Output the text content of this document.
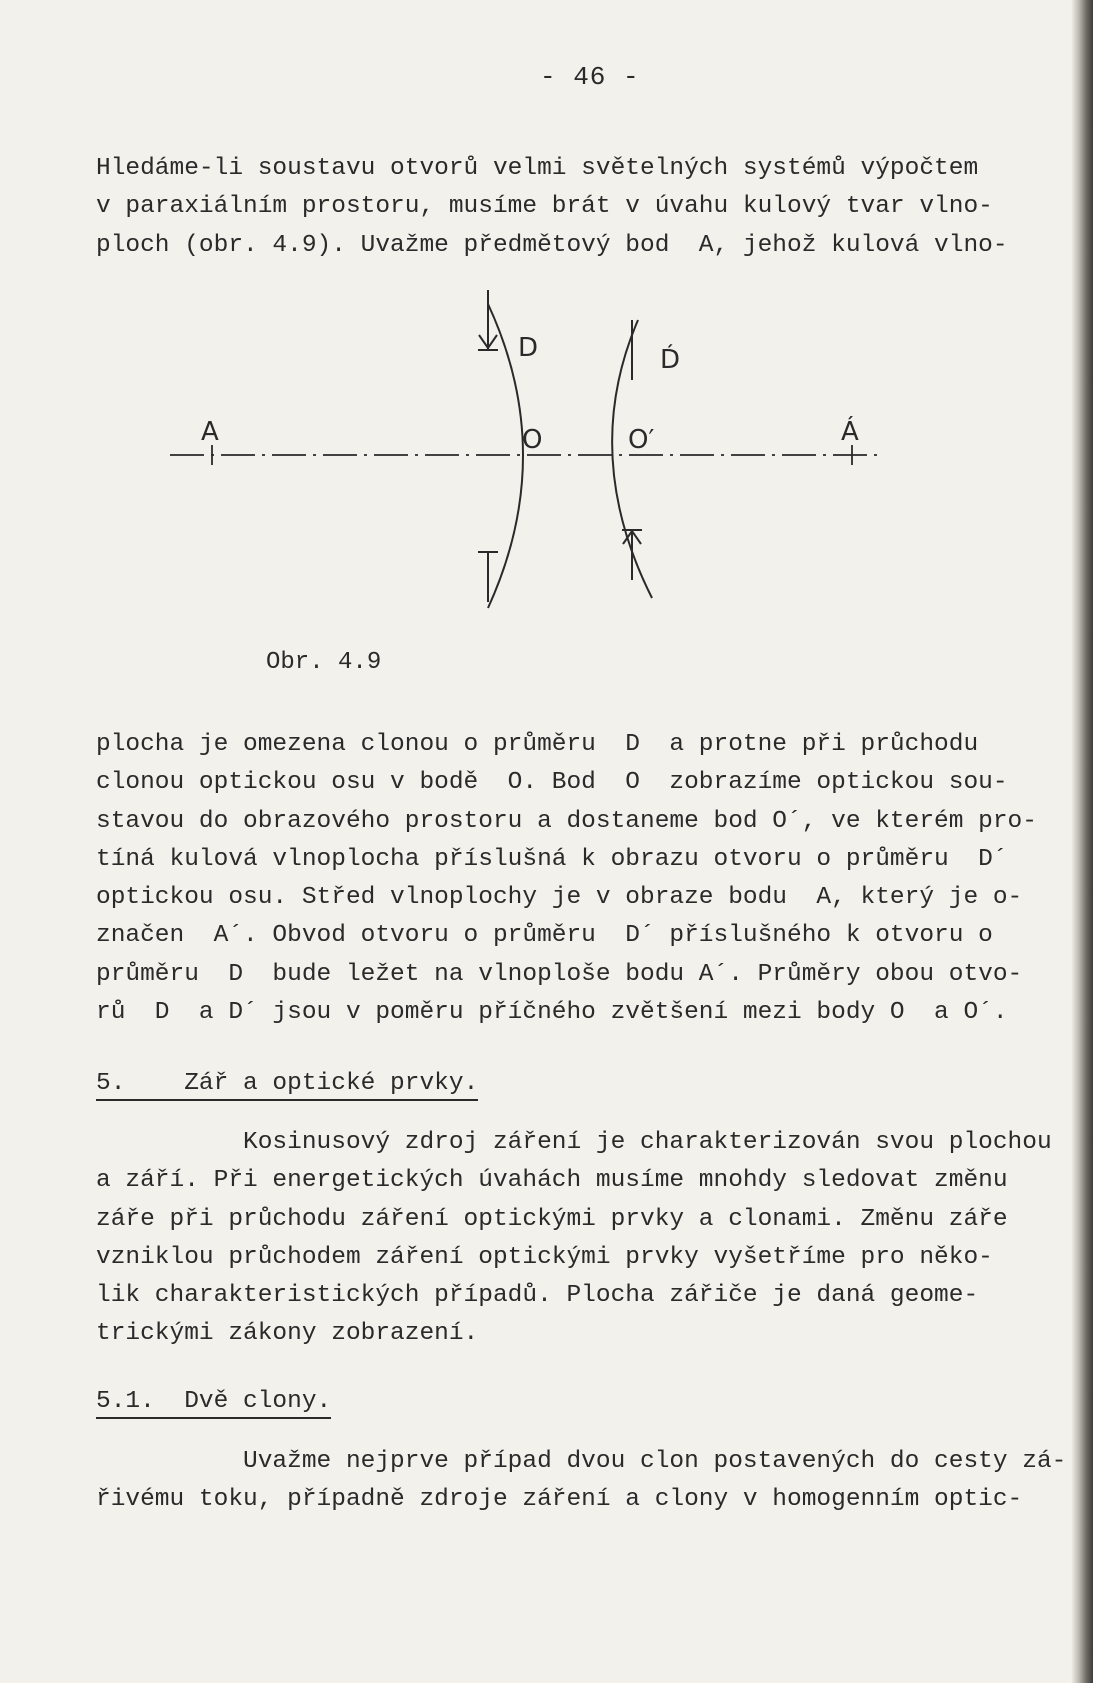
- 46 -

Hledáme-li soustavu otvorů velmi světelných systémů výpočtem
v paraxiálním prostoru, musíme brát v úvahu kulový tvar vlno-
ploch (obr. 4.9). Uvažme předmětový bod  A, jehož kulová vlno-

A	Á
D
O
D́
O′
Obr. 4.9

plocha je omezena clonou o průměru  D  a protne při průchodu
clonou optickou osu v bodě  O. Bod  O  zobrazíme optickou sou-
stavou do obrazového prostoru a dostaneme bod O´, ve kterém pro-
tíná kulová vlnoplocha příslušná k obrazu otvoru o průměru  D´
optickou osu. Střed vlnoplochy je v obraze bodu  A, který je o-
značen  A´. Obvod otvoru o průměru  D´ příslušného k otvoru o
průměru  D  bude ležet na vlnoploše bodu A´. Průměry obou otvo-
rů  D  a D´ jsou v poměru příčného zvětšení mezi body O  a O´.

5. Zář a optické prvky.

Kosinusový zdroj záření je charakterizován svou plochou
a září. Při energetických úvahách musíme mnohdy sledovat změnu
záře při průchodu záření optickými prvky a clonami. Změnu záře
vzniklou průchodem záření optickými prvky vyšetříme pro něko-
lik charakteristických případů. Plocha zářiče je daná geome-
trickými zákony zobrazení.

5.1. Dvě clony.

Uvažme nejprve případ dvou clon postavených do cesty zá-
řivému toku, případně zdroje záření a clony v homogenním optic-
